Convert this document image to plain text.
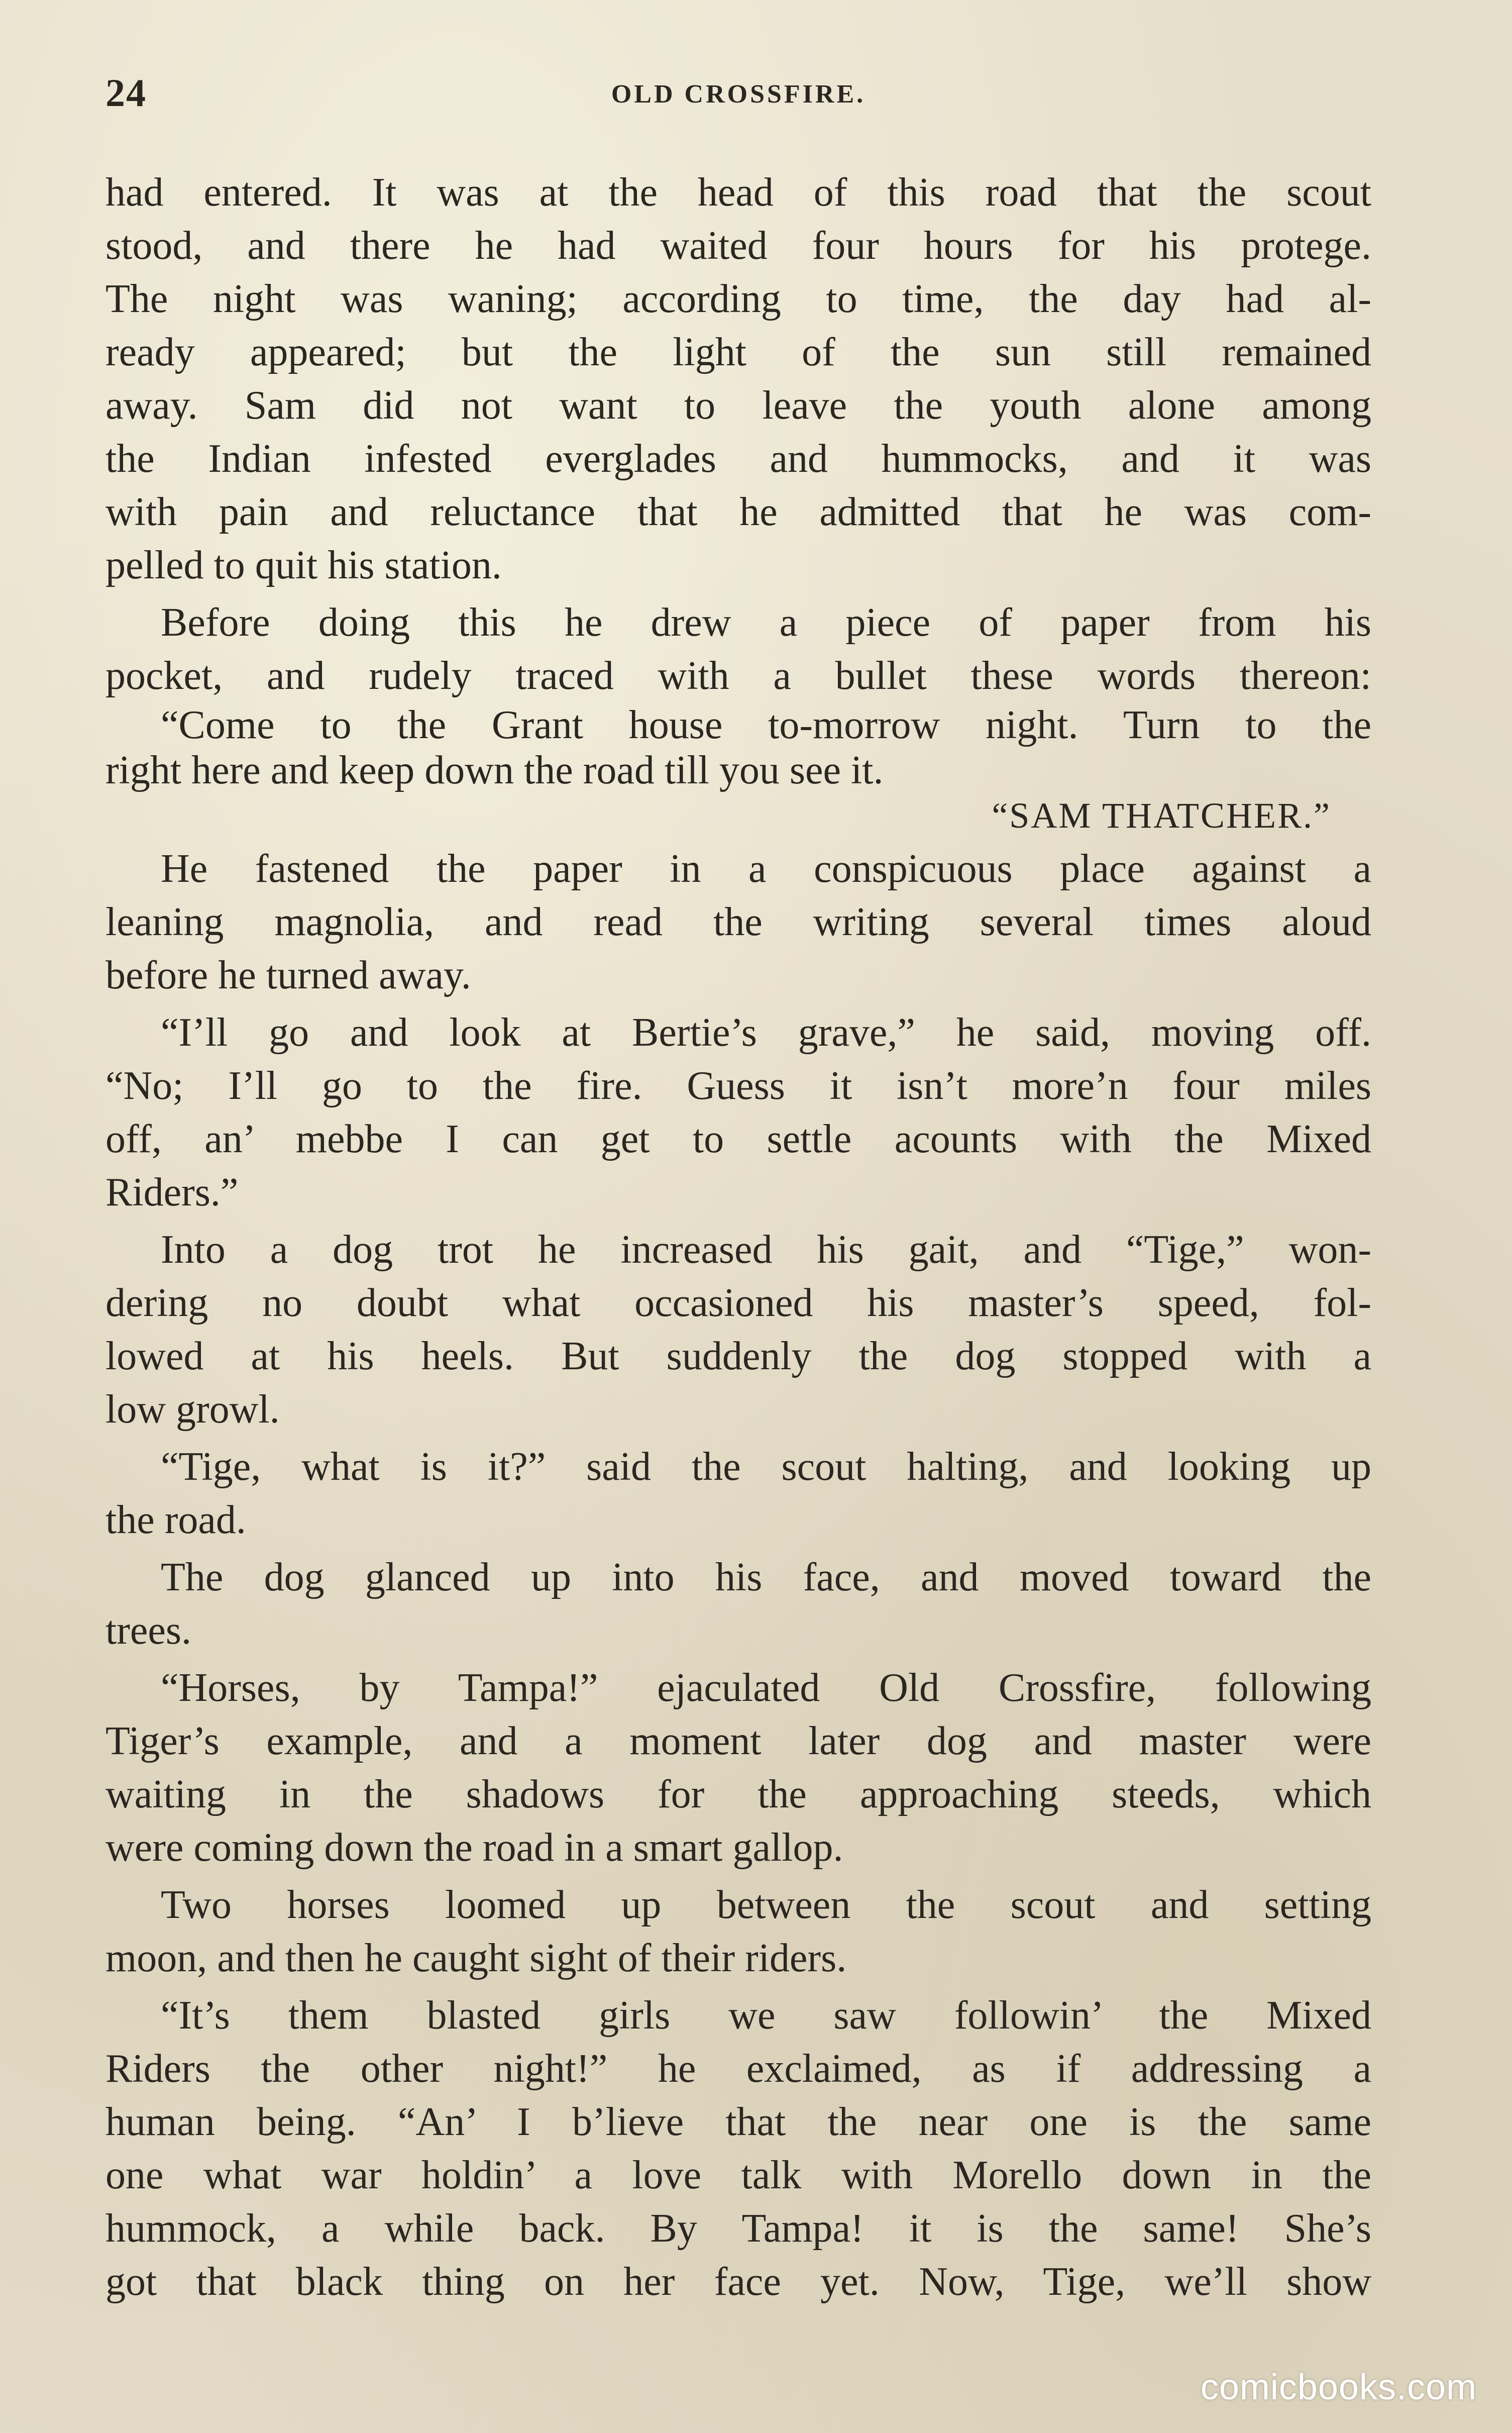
24	OLD CROSSFIRE.
had entered. It was at the head of this road that the scout
stood, and there he had waited four hours for his protege.
The night was waning; according to time, the day had al-
ready appeared; but the light of the sun still remained
away. Sam did not want to leave the youth alone among
the Indian infested everglades and hummocks, and it was
with pain and reluctance that he admitted that he was com-
pelled to quit his station.
Before doing this he drew a piece of paper from his
pocket, and rudely traced with a bullet these words thereon:
“Come to the Grant house to-morrow night. Turn to the
right here and keep down the road till you see it.
“SAM THATCHER.”
He fastened the paper in a conspicuous place against a
leaning magnolia, and read the writing several times aloud
before he turned away.
“I’ll go and look at Bertie’s grave,” he said, moving off.
“No; I’ll go to the fire. Guess it isn’t more’n four miles
off, an’ mebbe I can get to settle acounts with the Mixed
Riders.”
Into a dog trot he increased his gait, and “Tige,” won-
dering no doubt what occasioned his master’s speed, fol-
lowed at his heels. But suddenly the dog stopped with a
low growl.
“Tige, what is it?” said the scout halting, and looking up
the road.
The dog glanced up into his face, and moved toward the
trees.
“Horses, by Tampa!” ejaculated Old Crossfire, following
Tiger’s example, and a moment later dog and master were
waiting in the shadows for the approaching steeds, which
were coming down the road in a smart gallop.
Two horses loomed up between the scout and setting
moon, and then he caught sight of their riders.
“It’s them blasted girls we saw followin’ the Mixed
Riders the other night!” he exclaimed, as if addressing a
human being. “An’ I b’lieve that the near one is the same
one what war holdin’ a love talk with Morello down in the
hummock, a while back. By Tampa! it is the same! She’s
got that black thing on her face yet. Now, Tige, we’ll show
comicbooks.com
